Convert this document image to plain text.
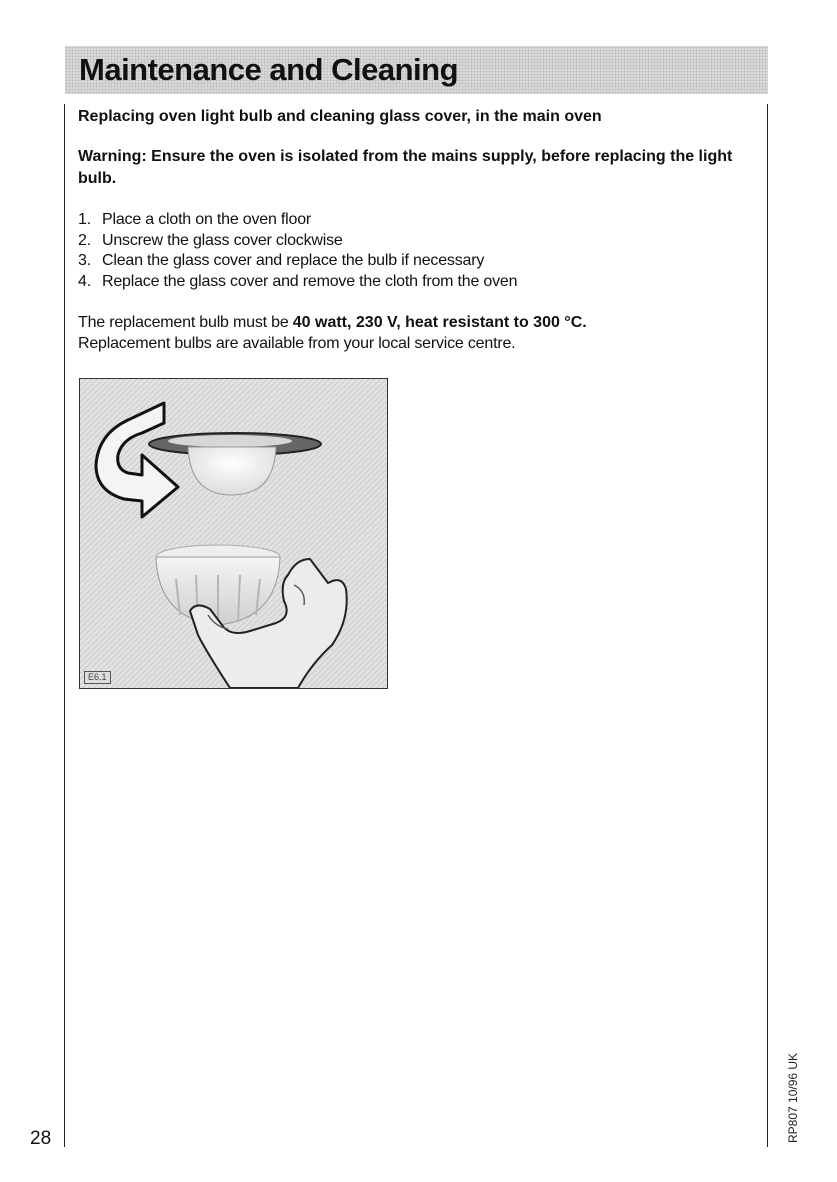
Maintenance and Cleaning

Replacing oven light bulb and cleaning glass cover, in the main oven

Warning: Ensure the oven is isolated from the mains supply, before replacing the light bulb.

1. Place a cloth on the oven floor
2. Unscrew the glass cover clockwise
3. Clean the glass cover and replace the bulb if necessary
4. Replace the glass cover and remove the cloth from the oven

The replacement bulb must be 40 watt, 230 V, heat resistant to 300 °C.
Replacement bulbs are available from your local service centre.

E6.1
28	RP807 10/96 UK
